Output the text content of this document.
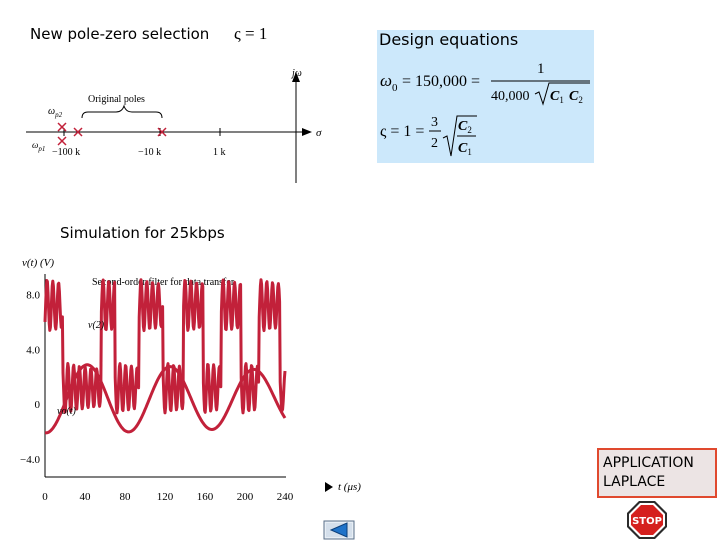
New pole-zero selection ς = 1
jω
σ
−100 k	−10 k	1 k
Original poles
$\omega_{p2}$
$\omega_{p1}$
Design equations
$\omega_0 = 150,000$ =
1
40,000 $C_1$ $C_2$
ς = 1 =
3
2
$C_2$
$C_1$
Simulation for 25kbps
v(t) (V)
Second-order filter for data transfer
t (μs)
8.0
4.0
0
−4.0
0	40	80 120 160 200 240
v(2)
vo(t)
APPLICATION
LAPLACE
STOP
